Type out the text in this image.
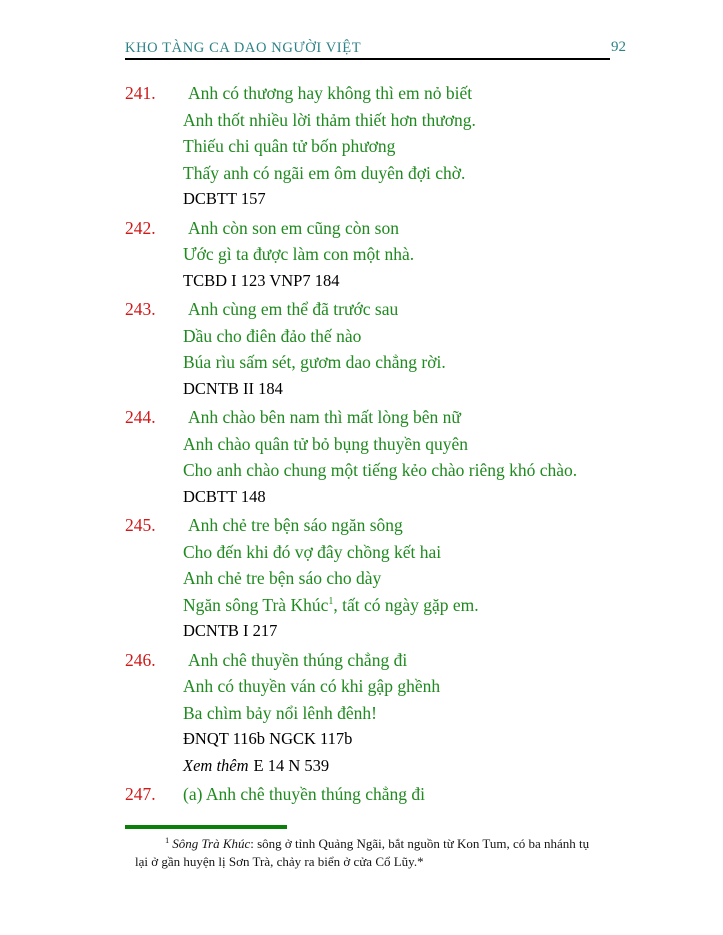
KHO TÀNG CA DAO NGƯỜI VIỆT	92
241.	Anh có thương hay không thì em nỏ biết
Anh thốt nhiều lời thảm thiết hơn thương.
Thiếu chi quân tử bốn phương
Thấy anh có ngãi em ôm duyên đợi chờ.
DCBTT 157
242.	Anh còn son em cũng còn son
Ước gì ta được làm con một nhà.
TCBD I 123 VNP7 184
243.	Anh cùng em thể đã trước sau
Dầu cho điên đảo thế nào
Búa rìu sấm sét, gươm dao chẳng rời.
DCNTB II 184
244.	Anh chào bên nam thì mất lòng bên nữ
Anh chào quân tử bỏ bụng thuyền quyên
Cho anh chào chung một tiếng kẻo chào riêng khó chào.
DCBTT 148
245.	Anh chẻ tre bện sáo ngăn sông
Cho đến khi đó vợ đây chồng kết hai
Anh chẻ tre bện sáo cho dày
Ngăn sông Trà Khúc$^1$, tất có ngày gặp em.
DCNTB I 217
246.	Anh chê thuyền thúng chẳng đi
Anh có thuyền ván có khi gập ghềnh
Ba chìm bảy nổi lênh đênh!
ĐNQT 116b NGCK 117b
Xem thêm E 14 N 539
247.	(a) Anh chê thuyền thúng chẳng đi

$^1$ Sông Trà Khúc: sông ở tỉnh Quảng Ngãi, bắt nguồn từ Kon Tum, có ba nhánh tụ lại ở gần huyện lị Sơn Trà, chảy ra biển ở cửa Cổ Lũy.*
